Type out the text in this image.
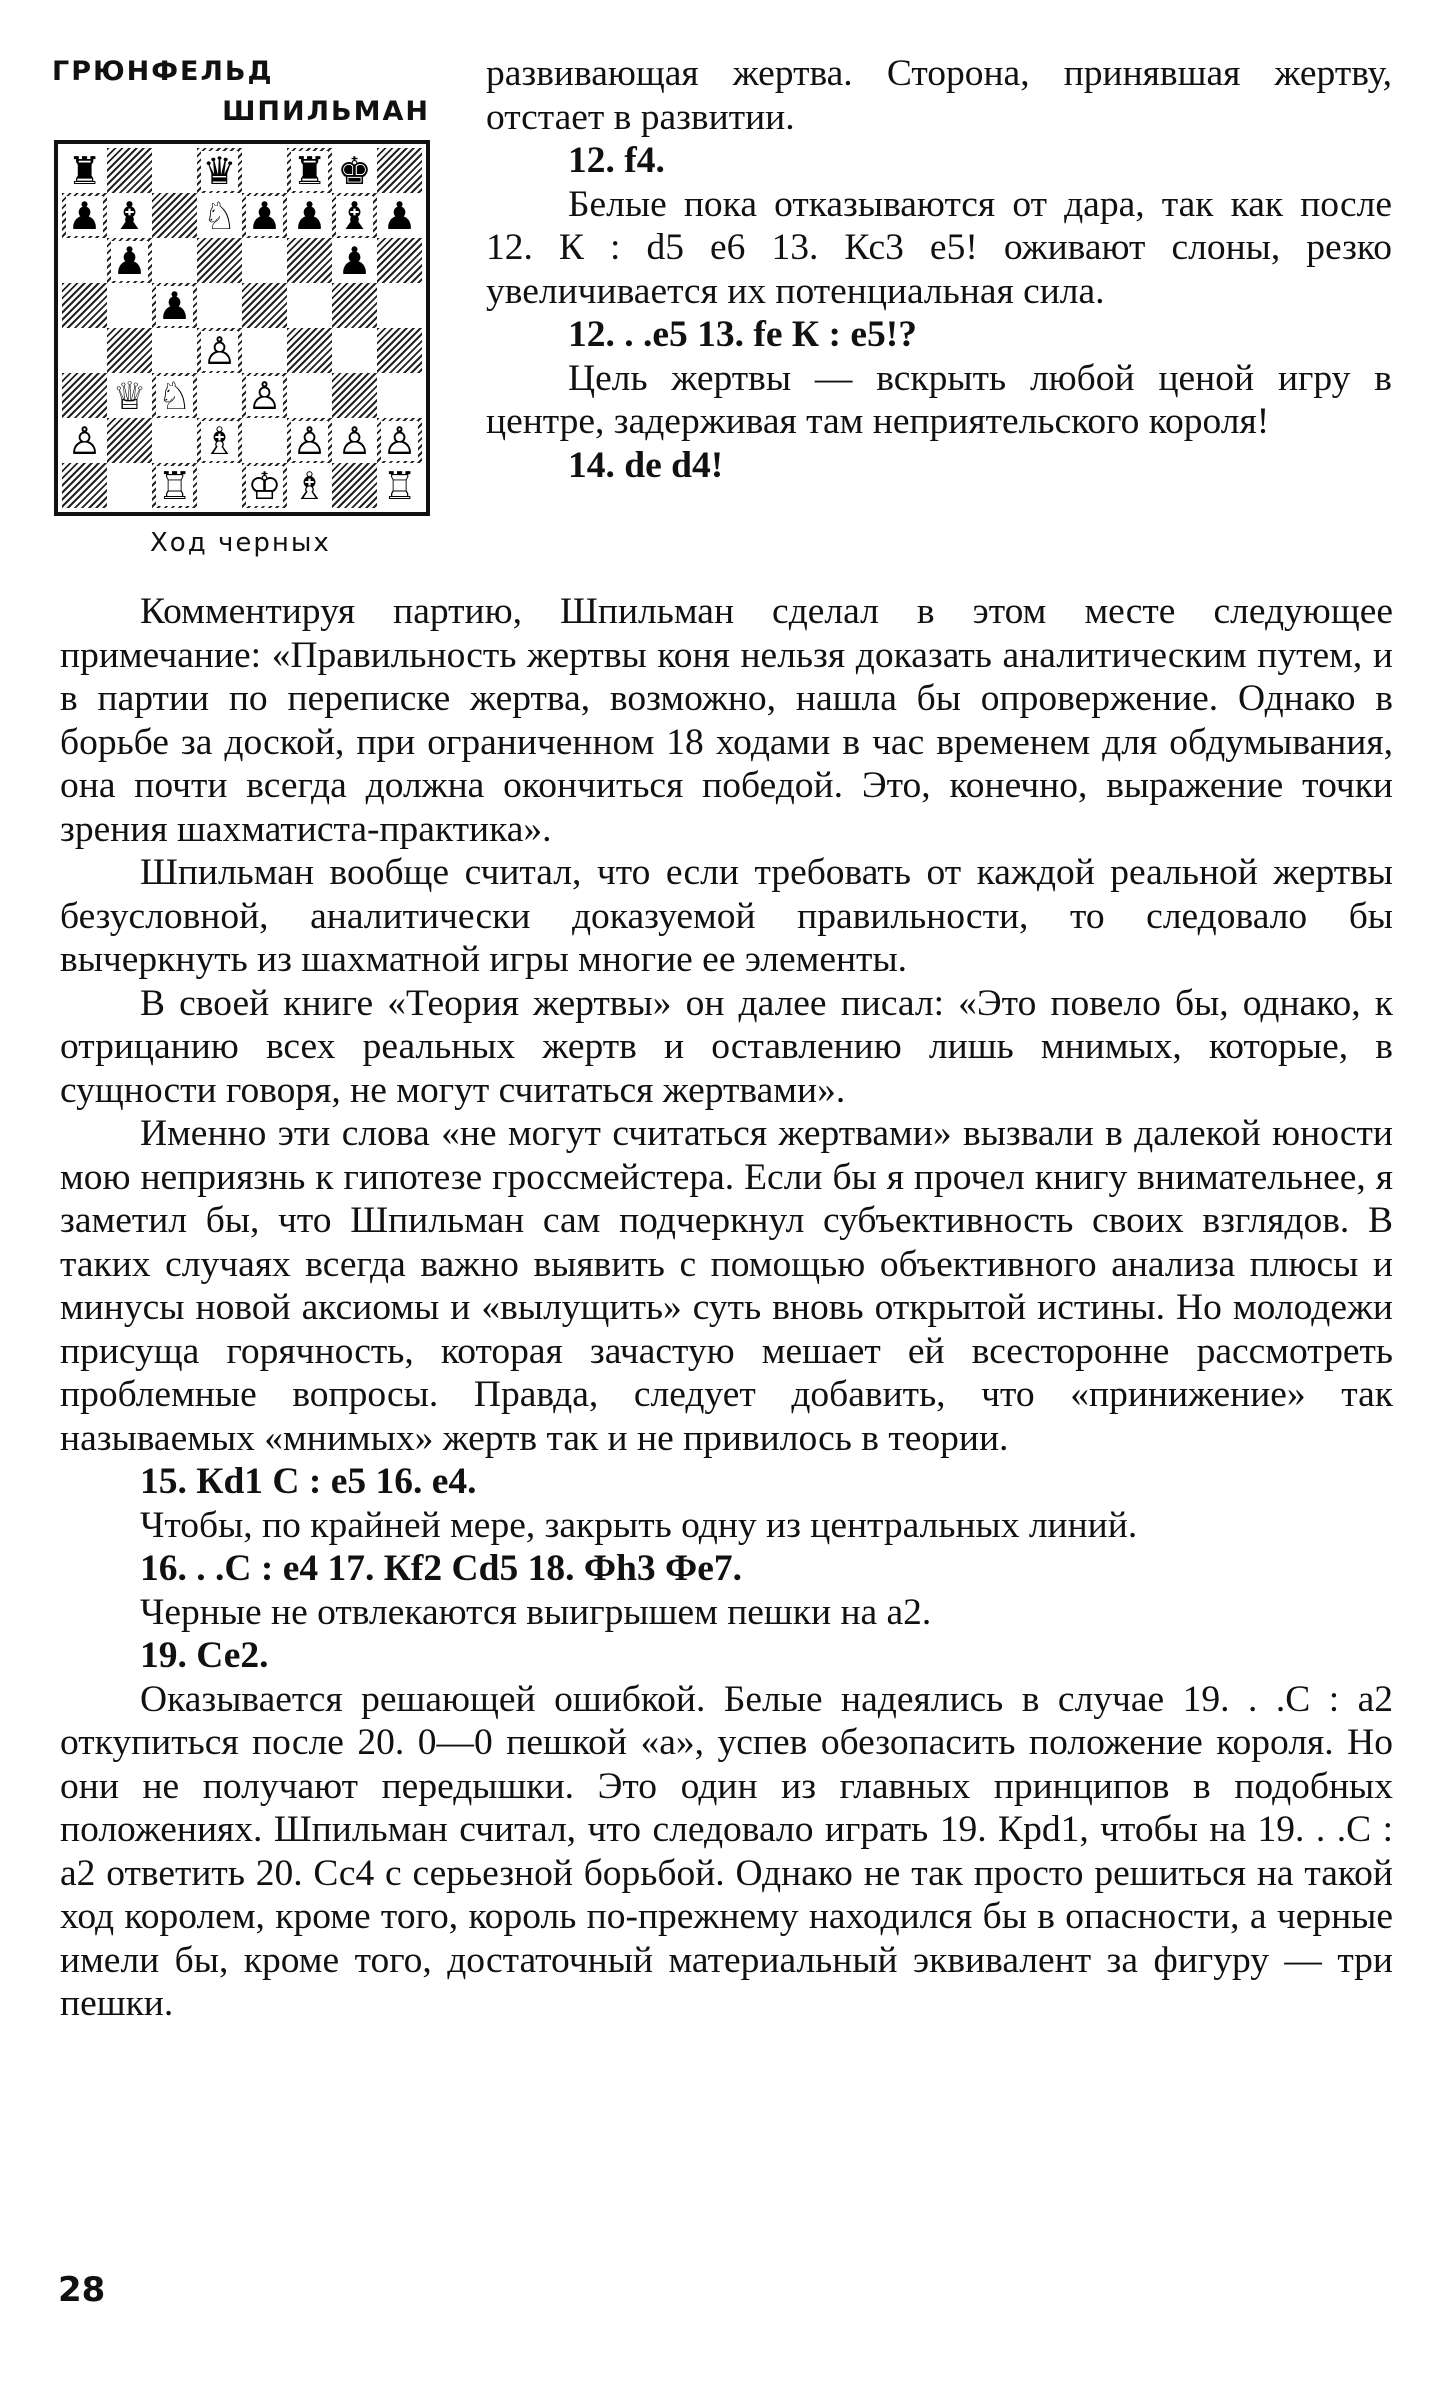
ГРЮНФЕЛЬД
ШПИЛЬМАН
♜	♛ ♜ ♚
♟ ♝ ♘ ♟ ♟ ♝ ♟
♟	♟
♟
♙
♕ ♘ ♙
♙	♗ ♙ ♙ ♙
♖ ♔ ♗ ♖
Ход черных

развивающая жертва. Сторона, принявшая жертву, отстает в развитии.

12. f4.

Белые пока отказываются от дара, так как после 12. К : d5 e6 13. Кс3 е5! оживают слоны, резко увеличивается их потенциальная сила.

12. . .e5 13. fe К : e5!?

Цель жертвы — вскрыть любой ценой игру в центре, задерживая там неприятельского короля!

14. de d4!

Комментируя партию, Шпильман сделал в этом месте следующее примечание: «Правильность жертвы коня нельзя доказать аналитическим путем, и в партии по переписке жертва, возможно, нашла бы опровержение. Однако в борьбе за доской, при ограниченном 18 ходами в час временем для обдумывания, она почти всегда должна окончиться победой. Это, конечно, выражение точки зрения шахматиста-практика».

Шпильман вообще считал, что если требовать от каждой реальной жертвы безусловной, аналитически доказуемой правильности, то следовало бы вычеркнуть из шахматной игры многие ее элементы.

В своей книге «Теория жертвы» он далее писал: «Это повело бы, однако, к отрицанию всех реальных жертв и оставлению лишь мнимых, которые, в сущности говоря, не могут считаться жертвами».

Именно эти слова «не могут считаться жертвами» вызвали в далекой юности мою неприязнь к гипотезе гроссмейстера. Если бы я прочел книгу внимательнее, я заметил бы, что Шпильман сам подчеркнул субъективность своих взглядов. В таких случаях всегда важно выявить с помощью объективного анализа плюсы и минусы новой аксиомы и «вылущить» суть вновь открытой истины. Но молодежи присуща горячность, которая зачастую мешает ей всесторонне рассмотреть проблемные вопросы. Правда, следует добавить, что «принижение» так называемых «мнимых» жертв так и не привилось в теории.

15. Кd1 С : e5 16. e4.

Чтобы, по крайней мере, закрыть одну из центральных линий.

16. . .С : e4 17. Кf2 Сd5 18. Фh3 Фe7.

Черные не отвлекаются выигрышем пешки на а2.

19. Се2.

Оказывается решающей ошибкой. Белые надеялись в случае 19. . .С : а2 откупиться после 20. 0—0 пешкой «а», успев обезопасить положение короля. Но они не получают передышки. Это один из главных принципов в подобных положениях. Шпильман считал, что следовало играть 19. Кpd1, чтобы на 19. . .С : а2 ответить 20. Сс4 с серьезной борьбой. Однако не так просто решиться на такой ход королем, кроме того, король по-прежнему находился бы в опасности, а черные имели бы, кроме того, достаточный материальный эквивалент за фигуру — три пешки.

28
